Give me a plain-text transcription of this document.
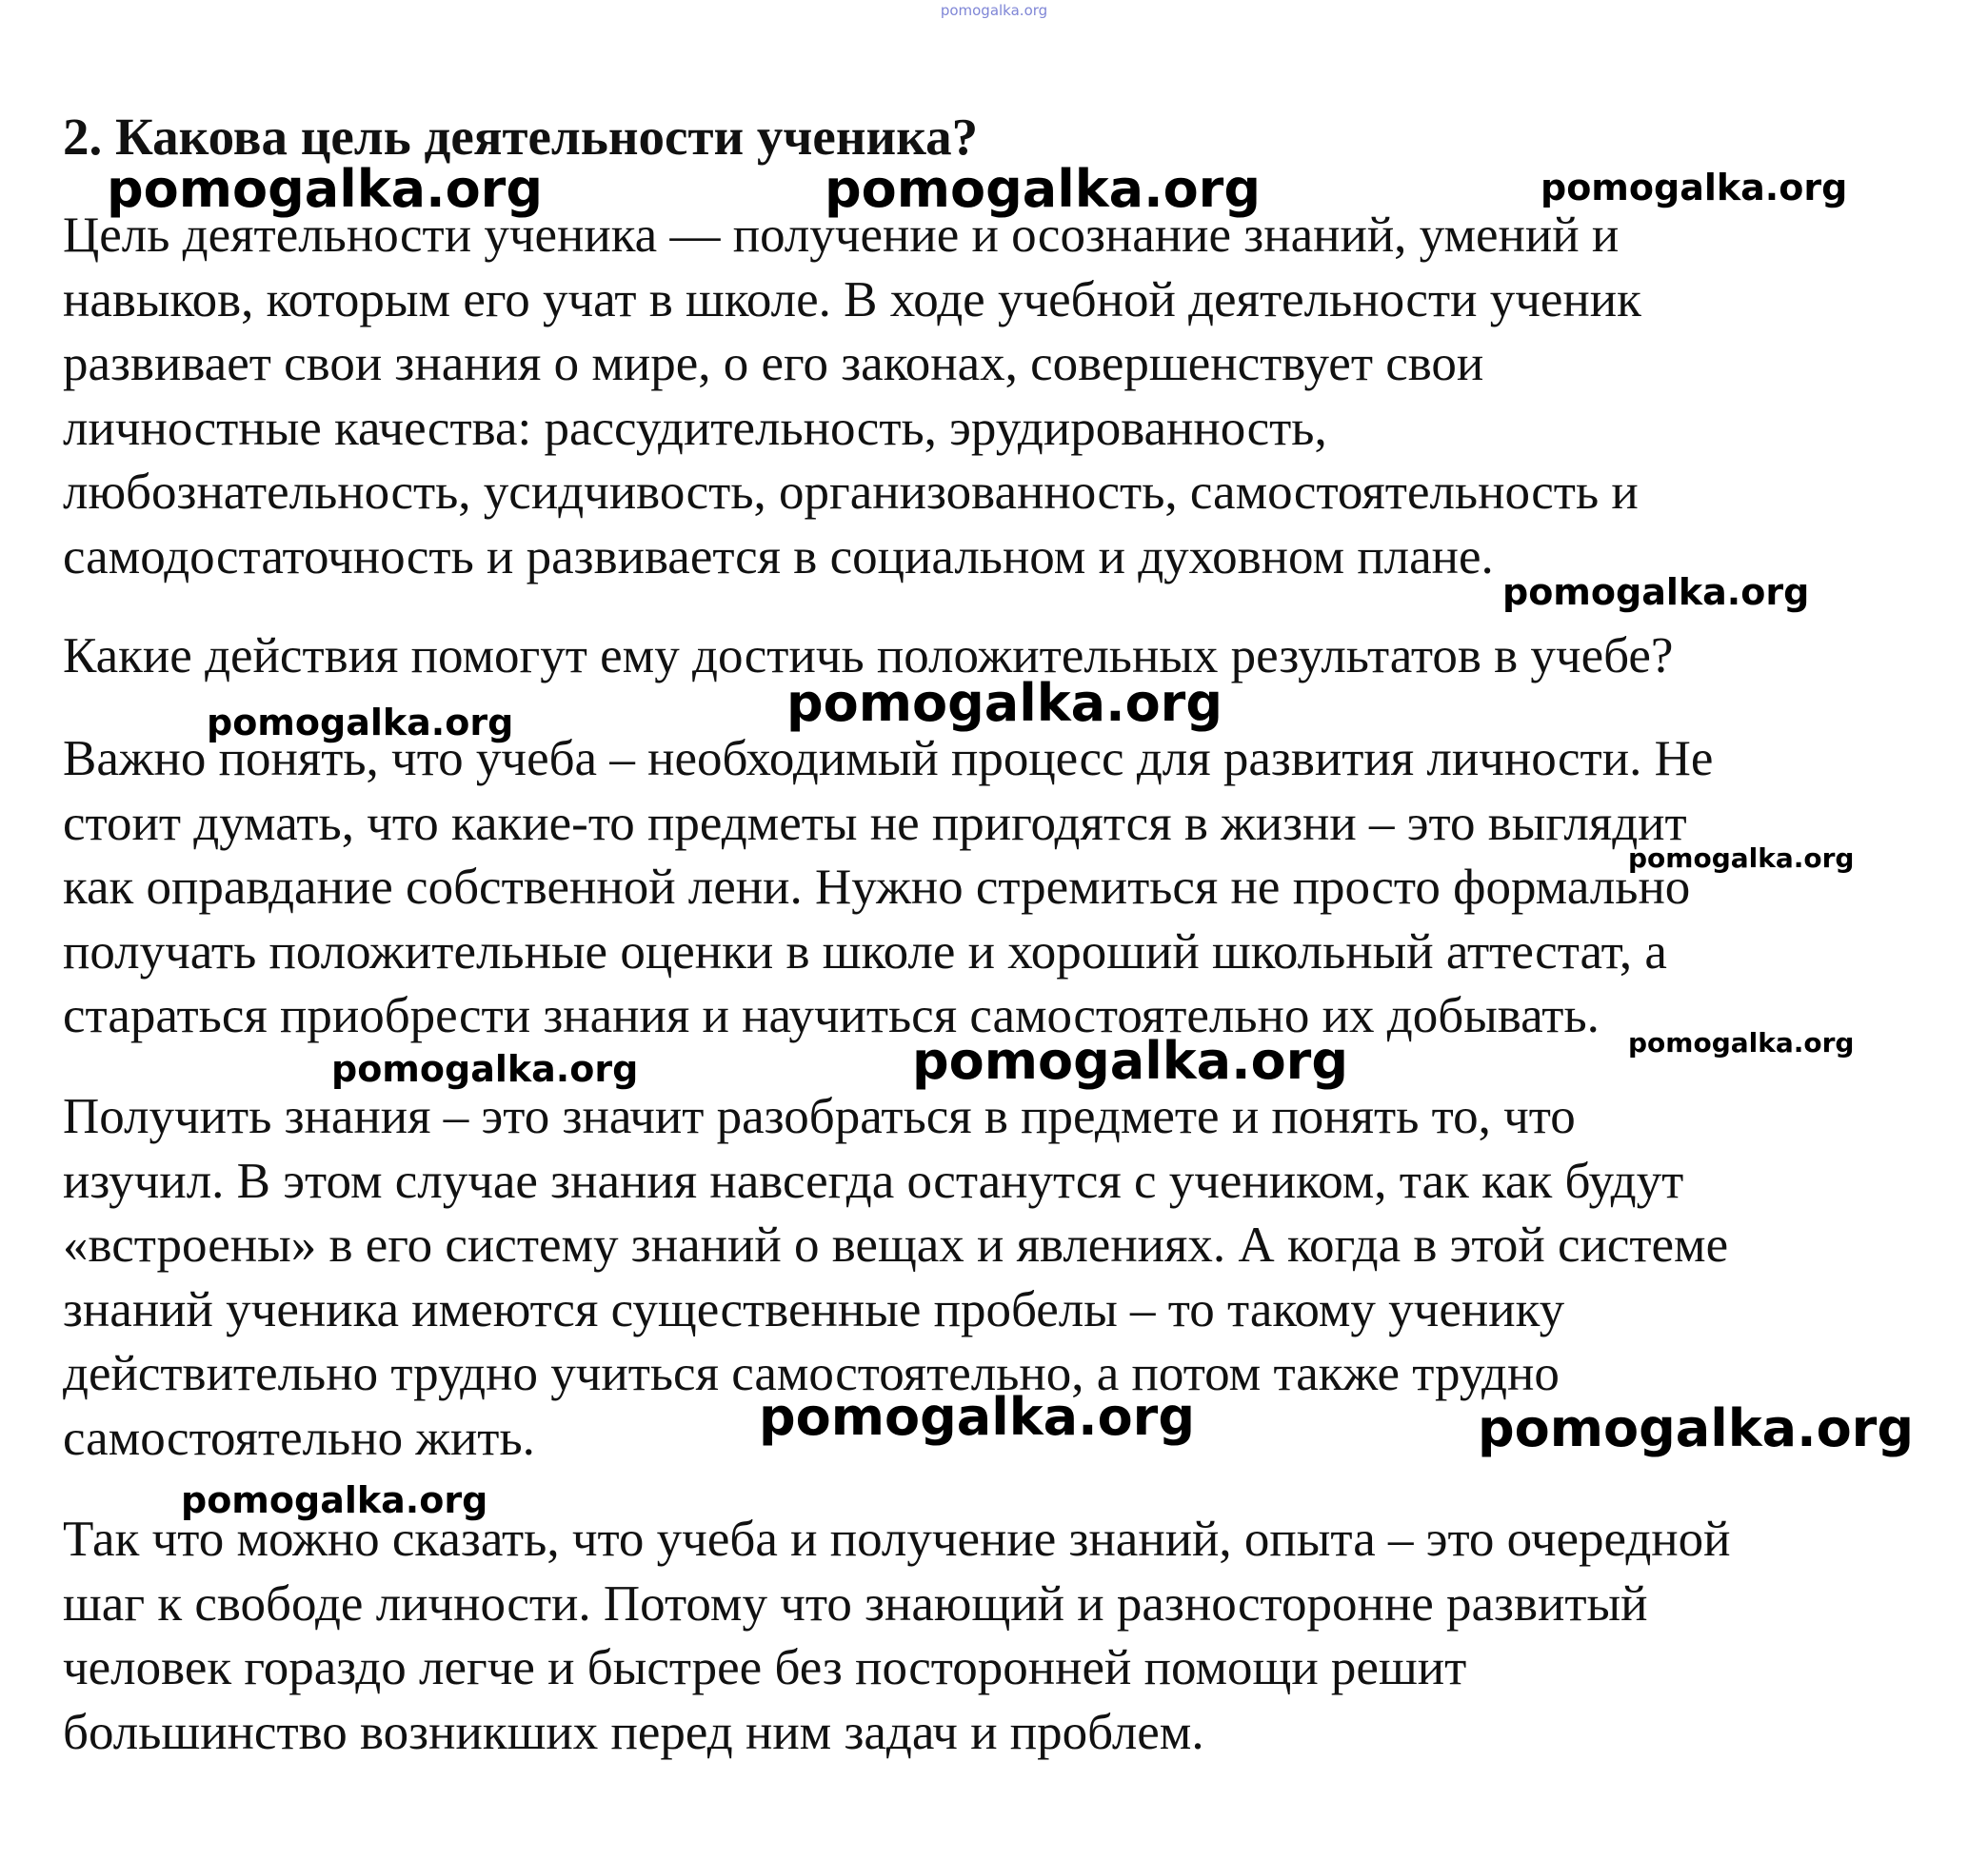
pomogalka.org
2. Какова цель деятельности ученика?
Цель деятельности ученика — получение и осознание знаний, умений и
навыков, которым его учат в школе. В ходе учебной деятельности ученик
развивает свои знания о мире, о его законах, совершенствует свои
личностные качества: рассудительность, эрудированность,
любознательность, усидчивость, организованность, самостоятельность и
самодостаточность и развивается в социальном и духовном плане.
Какие действия помогут ему достичь положительных результатов в учебе?
Важно понять, что учеба – необходимый процесс для развития личности. Не
стоит думать, что какие-то предметы не пригодятся в жизни – это выглядит
как оправдание собственной лени. Нужно стремиться не просто формально
получать положительные оценки в школе и хороший школьный аттестат, а
стараться приобрести знания и научиться самостоятельно их добывать.
Получить знания – это значит разобраться в предмете и понять то, что
изучил. В этом случае знания навсегда останутся с учеником, так как будут
«встроены» в его систему знаний о вещах и явлениях. А когда в этой системе
знаний ученика имеются существенные пробелы – то такому ученику
действительно трудно учиться самостоятельно, а потом также трудно
самостоятельно жить.
Так что можно сказать, что учеба и получение знаний, опыта – это очередной
шаг к свободе личности. Потому что знающий и разносторонне развитый
человек гораздо легче и быстрее без посторонней помощи решит
большинство возникших перед ним задач и проблем.
pomogalka.org	pomogalka.org	pomogalka.org
pomogalka.org
pomogalka.org
pomogalka.org
pomogalka.org
pomogalka.org
pomogalka.org
pomogalka.org
pomogalka.org	pomogalka.org
pomogalka.org
